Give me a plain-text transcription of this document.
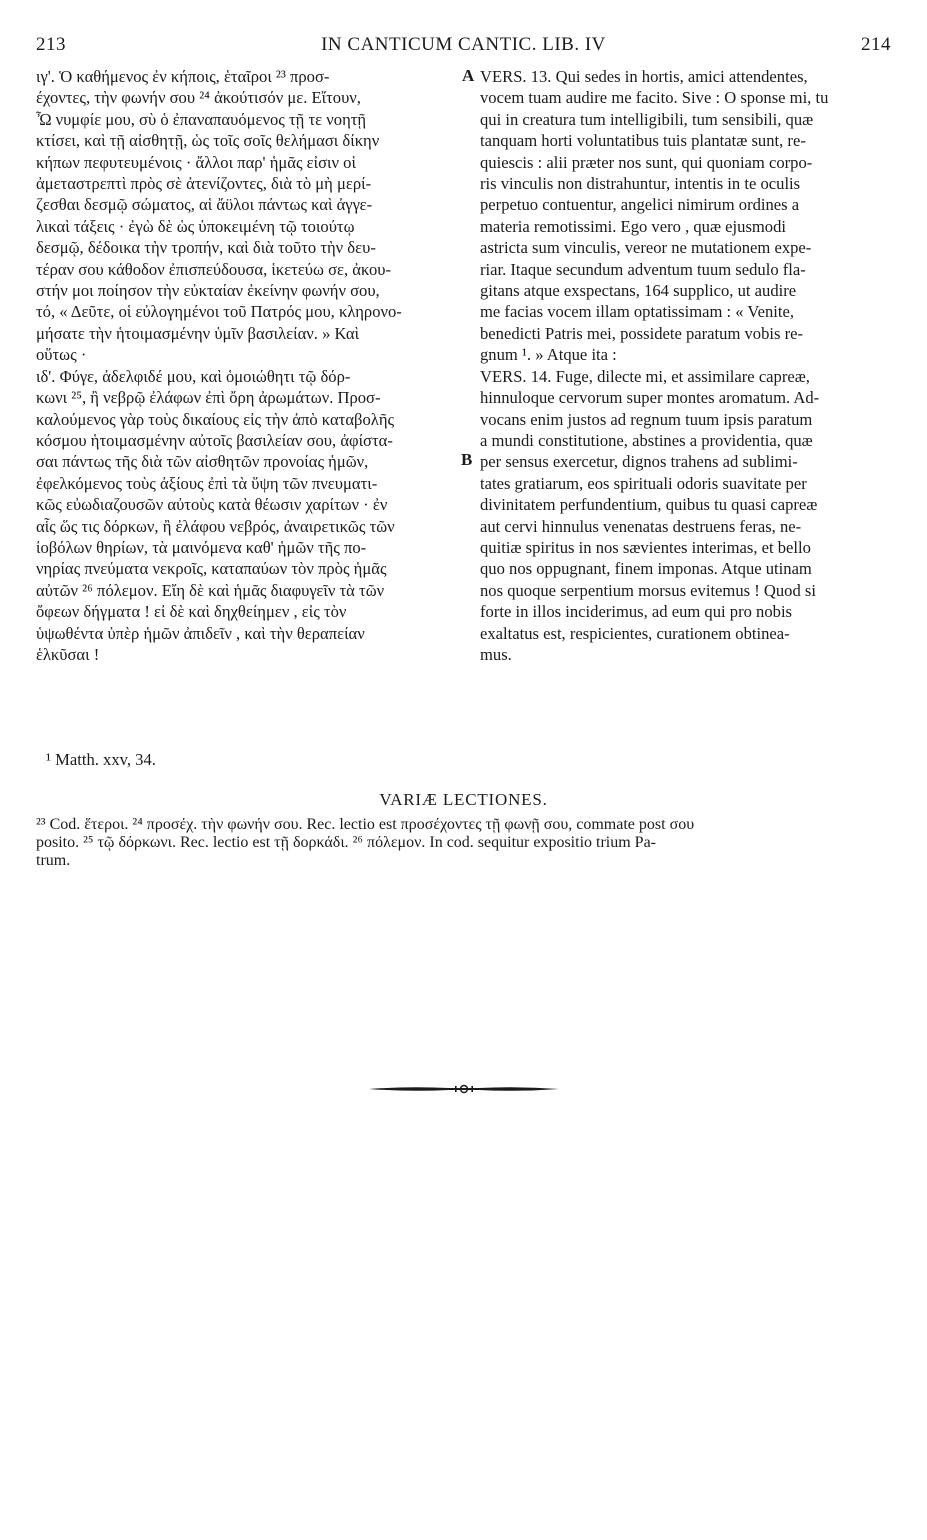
213	IN CANTICUM CANTIC. LIB. IV	214
ιγ'. Ὁ καθήμενος ἐν κήποις, ἑταῖροι ²³ προσ-
έχοντες, τὴν φωνήν σου ²⁴ ἀκούτισόν με. Εἴτουν,
Ὦ νυμφίε μου, σὺ ὁ ἐπαναπαυόμενος τῇ τε νοητῇ
κτίσει, καὶ τῇ αἰσθητῇ, ὡς τοῖς σοῖς θελήμασι δίκην
κήπων πεφυτευμένοις · ἄλλοι παρ' ἡμᾶς εἰσιν οἱ
ἀμεταστρεπτὶ πρὸς σὲ ἀτενίζοντες, διὰ τὸ μὴ μερί-
ζεσθαι δεσμῷ σώματος, αἱ ἄϋλοι πάντως καὶ ἀγγε-
λικαὶ τάξεις · ἐγὼ δὲ ὡς ὑποκειμένη τῷ τοιούτῳ
δεσμῷ, δέδοικα τὴν τροπήν, καὶ διὰ τοῦτο τὴν δευ-
τέραν σου κάθοδον ἐπισπεύδουσα, ἱκετεύω σε, ἀκου-
στήν μοι ποίησον τὴν εὐκταίαν ἐκείνην φωνήν σου,
τό, « Δεῦτε, οἱ εὐλογημένοι τοῦ Πατρός μου, κληρονο-
μήσατε τὴν ἡτοιμασμένην ὑμῖν βασιλείαν. » Καὶ
οὕτως ·
ιδ'. Φύγε, ἀδελφιδέ μου, καὶ ὁμοιώθητι τῷ δόρ-
κωνι ²⁵, ἢ νεβρῷ ἐλάφων ἐπὶ ὄρη ἀρωμάτων. Προσ-
καλούμενος γὰρ τοὺς δικαίους εἰς τὴν ἀπὸ καταβολῆς
κόσμου ἡτοιμασμένην αὐτοῖς βασιλείαν σου, ἀφίστα-
σαι πάντως τῆς διὰ τῶν αἰσθητῶν προνοίας ἡμῶν,
ἐφελκόμενος τοὺς ἀξίους ἐπὶ τὰ ὕψη τῶν πνευματι-
κῶς εὐωδιαζουσῶν αὐτοὺς κατὰ θέωσιν χαρίτων · ἐν
αἷς ὥς τις δόρκων, ἢ ἐλάφου νεβρός, ἀναιρετικῶς τῶν
ἰοβόλων θηρίων, τὰ μαινόμενα καθ' ἡμῶν τῆς πο-
νηρίας πνεύματα νεκροῖς, καταπαύων τὸν πρὸς ἡμᾶς
αὐτῶν ²⁶ πόλεμον. Εἴη δὲ καὶ ἡμᾶς διαφυγεῖν τὰ τῶν
ὄφεων δήγματα ! εἰ δὲ καὶ δηχθείημεν , εἰς τὸν
ὑψωθέντα ὑπὲρ ἡμῶν ἀπιδεῖν , καὶ τὴν θεραπείαν
ἑλκῦσαι !
A
B
VERS. 13. Qui sedes in hortis, amici attendentes,
vocem tuam audire me facito. Sive : O sponse mi, tu
qui in creatura tum intelligibili, tum sensibili, quæ
tanquam horti voluntatibus tuis plantatæ sunt, re-
quiescis : alii præter nos sunt, qui quoniam corpo-
ris vinculis non distrahuntur, intentis in te oculis
perpetuo contuentur, angelici nimirum ordines a
materia remotissimi. Ego vero , quæ ejusmodi
astricta sum vinculis, vereor ne mutationem expe-
riar. Itaque secundum adventum tuum sedulo fla-
gitans atque exspectans, 164 supplico, ut audire
me facias vocem illam optatissimam : « Venite,
benedicti Patris mei, possidete paratum vobis re-
gnum ¹. » Atque ita :
VERS. 14. Fuge, dilecte mi, et assimilare capreæ,
hinnuloque cervorum super montes aromatum. Ad-
vocans enim justos ad regnum tuum ipsis paratum
a mundi constitutione, abstines a providentia, quæ
per sensus exercetur, dignos trahens ad sublimi-
tates gratiarum, eos spirituali odoris suavitate per
divinitatem perfundentium, quibus tu quasi capreæ
aut cervi hinnulus venenatas destruens feras, ne-
quitiæ spiritus in nos sævientes interimas, et bello
quo nos oppugnant, finem imponas. Atque utinam
nos quoque serpentium morsus evitemus ! Quod si
forte in illos inciderimus, ad eum qui pro nobis
exaltatus est, respicientes, curationem obtinea-
mus.
¹ Matth. xxv, 34.
VARIÆ LECTIONES.
²³ Cod. ἕτεροι. ²⁴ προσέχ. τὴν φωνήν σου. Rec. lectio est προσέχοντες τῇ φωνῇ σου, commate post σου
posito. ²⁵ τῷ δόρκωνι. Rec. lectio est τῇ δορκάδι. ²⁶ πόλεμον. In cod. sequitur expositio trium Pa-
trum.
